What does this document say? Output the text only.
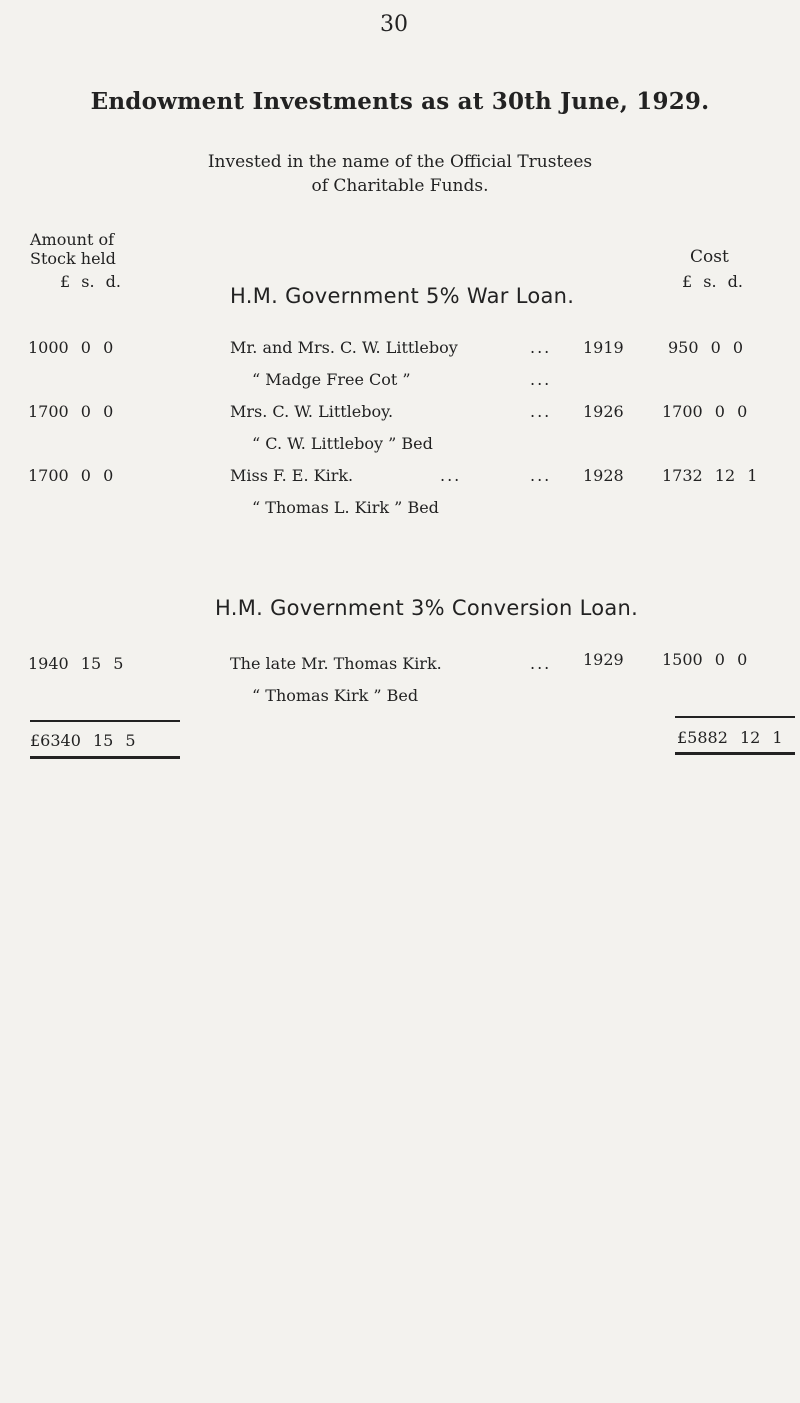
30
Endowment Investments as at 30th June, 1929.
Invested in the name of the Official Trustees
of Charitable Funds.
Amount of
Stock held
£ s. d.
Cost
£ s. d.
H.M. Government 5% War Loan.
1000 0 0	Mr. and Mrs. C. W. Littleboy	... 1919	950 0 0
“ Madge Free Cot ”	...
1700 0 0	Mrs. C. W. Littleboy.	... 1926 1700 0 0
“ C. W. Littleboy ” Bed
1700 0 0	Miss F. E. Kirk.	...	... 1928 1732 12 1
“ Thomas L. Kirk ” Bed
H.M. Government 3% Conversion Loan.
1940 15 5	The late Mr. Thomas Kirk.	... 1929 1500 0 0
“ Thomas Kirk ” Bed
£6340 15 5	£5882 12 1
